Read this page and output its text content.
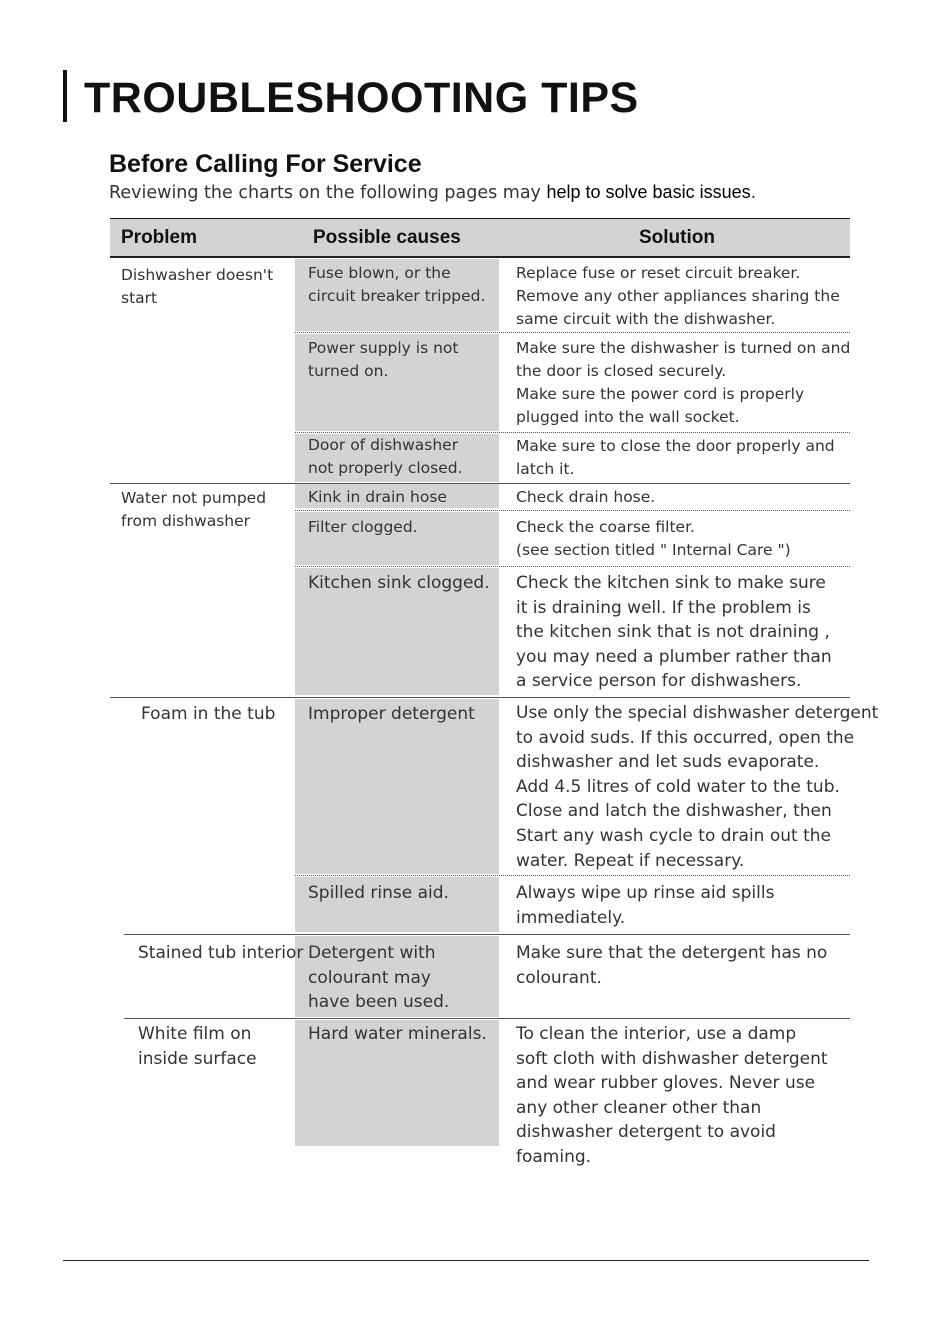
TROUBLESHOOTING TIPS
Before Calling For Service
Reviewing the charts on the following pages may help to solve basic issues.
Problem	Possible causes	Solution
Dishwasher doesn't
start
Water not pumped
from dishwasher
Foam in the tub
Stained tub interior
White film on
inside surface
Fuse blown, or the
circuit breaker tripped.
Power supply is not
turned on.
Door of dishwasher
not properly closed.
Kink in drain hose
Filter clogged.
Kitchen sink clogged.
Improper detergent
Spilled rinse aid.
Detergent with
colourant may
have been used.
Hard water minerals.
Replace fuse or reset circuit breaker.
Remove any other appliances sharing the
same circuit with the dishwasher.
Make sure the dishwasher is turned on and
the door is closed securely.
Make sure the power cord is properly
plugged into the wall socket.
Make sure to close the door properly and
latch it.
Check drain hose.
Check the coarse filter.
(see section titled " Internal Care ")
Check the kitchen sink to make sure
it is draining well. If the problem is
the kitchen sink that is not draining ,
you may need a plumber rather than
a service person for dishwashers.
Use only the special dishwasher detergent
to avoid suds. If this occurred, open the
dishwasher and let suds evaporate.
Add 4.5 litres of cold water to the tub.
Close and latch the dishwasher, then
Start any wash cycle to drain out the
water. Repeat if necessary.
Always wipe up rinse aid spills
immediately.
Make sure that the detergent has no
colourant.
To clean the interior, use a damp
soft cloth with dishwasher detergent
and wear rubber gloves. Never use
any other cleaner other than
dishwasher detergent to avoid
foaming.
